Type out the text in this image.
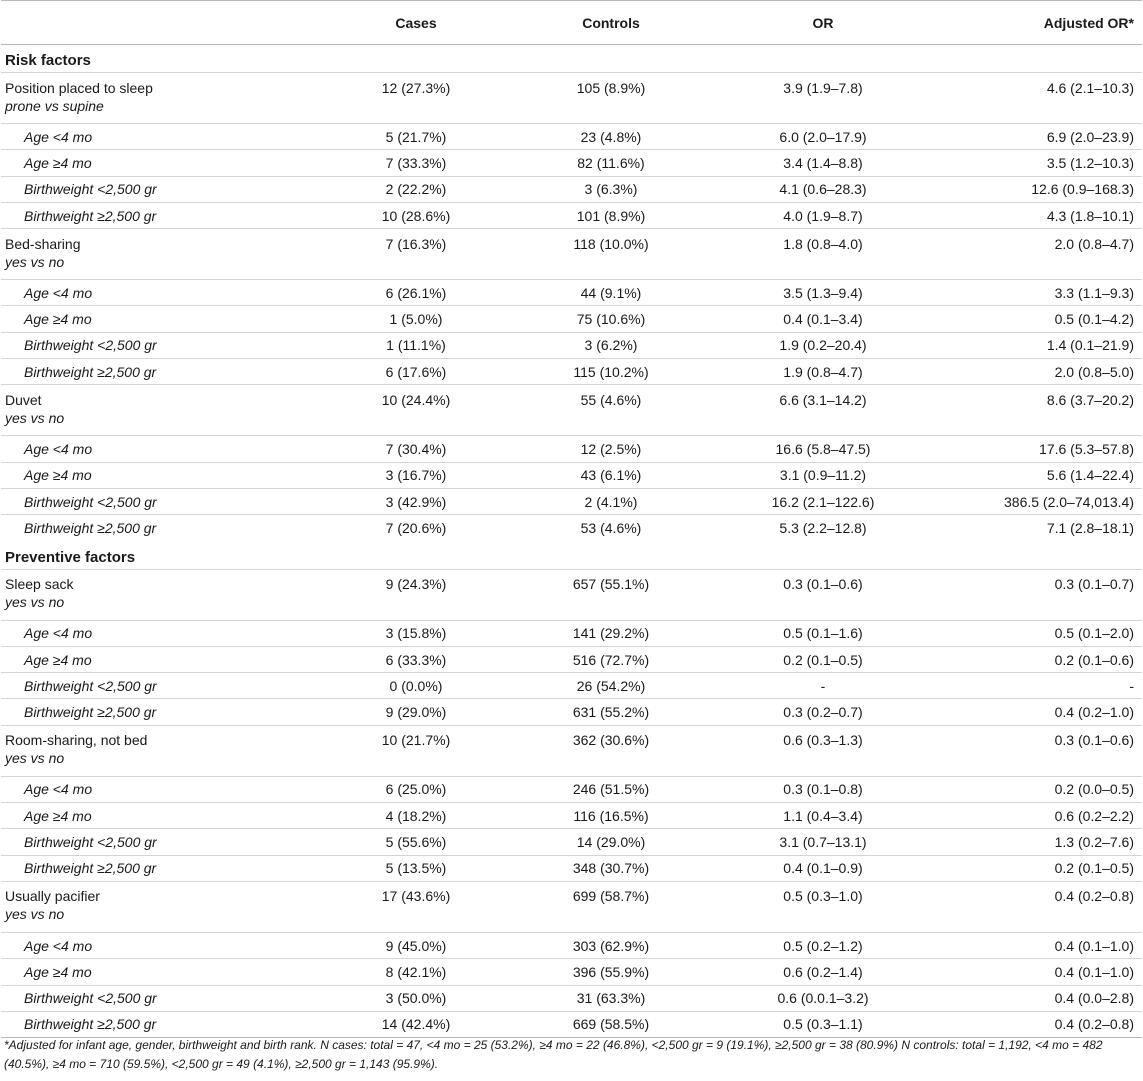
	Cases	Controls	OR	Adjusted OR*
Risk factors				
Position placed to sleep	12 (27.3%)	105 (8.9%)	3.9 (1.9–7.8)	4.6 (2.1–10.3)
prone vs supine				
Age <4 mo	5 (21.7%)	23 (4.8%)	6.0 (2.0–17.9)	6.9 (2.0–23.9)
Age ≥4 mo	7 (33.3%)	82 (11.6%)	3.4 (1.4–8.8)	3.5 (1.2–10.3)
Birthweight <2,500 gr	2 (22.2%)	3 (6.3%)	4.1 (0.6–28.3)	12.6 (0.9–168.3)
Birthweight ≥2,500 gr	10 (28.6%)	101 (8.9%)	4.0 (1.9–8.7)	4.3 (1.8–10.1)
Bed-sharing	7 (16.3%)	118 (10.0%)	1.8 (0.8–4.0)	2.0 (0.8–4.7)
yes vs no				
Age <4 mo	6 (26.1%)	44 (9.1%)	3.5 (1.3–9.4)	3.3 (1.1–9.3)
Age ≥4 mo	1 (5.0%)	75 (10.6%)	0.4 (0.1–3.4)	0.5 (0.1–4.2)
Birthweight <2,500 gr	1 (11.1%)	3 (6.2%)	1.9 (0.2–20.4)	1.4 (0.1–21.9)
Birthweight ≥2,500 gr	6 (17.6%)	115 (10.2%)	1.9 (0.8–4.7)	2.0 (0.8–5.0)
Duvet	10 (24.4%)	55 (4.6%)	6.6 (3.1–14.2)	8.6 (3.7–20.2)
yes vs no				
Age <4 mo	7 (30.4%)	12 (2.5%)	16.6 (5.8–47.5)	17.6 (5.3–57.8)
Age ≥4 mo	3 (16.7%)	43 (6.1%)	3.1 (0.9–11.2)	5.6 (1.4–22.4)
Birthweight <2,500 gr	3 (42.9%)	2 (4.1%)	16.2 (2.1–122.6)	386.5 (2.0–74,013.4)
Birthweight ≥2,500 gr	7 (20.6%)	53 (4.6%)	5.3 (2.2–12.8)	7.1 (2.8–18.1)
Preventive factors				
Sleep sack	9 (24.3%)	657 (55.1%)	0.3 (0.1–0.6)	0.3 (0.1–0.7)
yes vs no				
Age <4 mo	3 (15.8%)	141 (29.2%)	0.5 (0.1–1.6)	0.5 (0.1–2.0)
Age ≥4 mo	6 (33.3%)	516 (72.7%)	0.2 (0.1–0.5)	0.2 (0.1–0.6)
Birthweight <2,500 gr	0 (0.0%)	26 (54.2%)	-	-
Birthweight ≥2,500 gr	9 (29.0%)	631 (55.2%)	0.3 (0.2–0.7)	0.4 (0.2–1.0)
Room-sharing, not bed	10 (21.7%)	362 (30.6%)	0.6 (0.3–1.3)	0.3 (0.1–0.6)
yes vs no				
Age <4 mo	6 (25.0%)	246 (51.5%)	0.3 (0.1–0.8)	0.2 (0.0–0.5)
Age ≥4 mo	4 (18.2%)	116 (16.5%)	1.1 (0.4–3.4)	0.6 (0.2–2.2)
Birthweight <2,500 gr	5 (55.6%)	14 (29.0%)	3.1 (0.7–13.1)	1.3 (0.2–7.6)
Birthweight ≥2,500 gr	5 (13.5%)	348 (30.7%)	0.4 (0.1–0.9)	0.2 (0.1–0.5)
Usually pacifier	17 (43.6%)	699 (58.7%)	0.5 (0.3–1.0)	0.4 (0.2–0.8)
yes vs no				
Age <4 mo	9 (45.0%)	303 (62.9%)	0.5 (0.2–1.2)	0.4 (0.1–1.0)
Age ≥4 mo	8 (42.1%)	396 (55.9%)	0.6 (0.2–1.4)	0.4 (0.1–1.0)
Birthweight <2,500 gr	3 (50.0%)	31 (63.3%)	0.6 (0.0.1–3.2)	0.4 (0.0–2.8)
Birthweight ≥2,500 gr	14 (42.4%)	669 (58.5%)	0.5 (0.3–1.1)	0.4 (0.2–0.8)
*Adjusted for infant age, gender, birthweight and birth rank. N cases: total = 47, <4 mo = 25 (53.2%), ≥4 mo = 22 (46.8%), <2,500 gr = 9 (19.1%), ≥2,500 gr = 38 (80.9%) N controls: total = 1,192, <4 mo = 482 (40.5%), ≥4 mo = 710 (59.5%), <2,500 gr = 49 (4.1%), ≥2,500 gr = 1,143 (95.9%).
